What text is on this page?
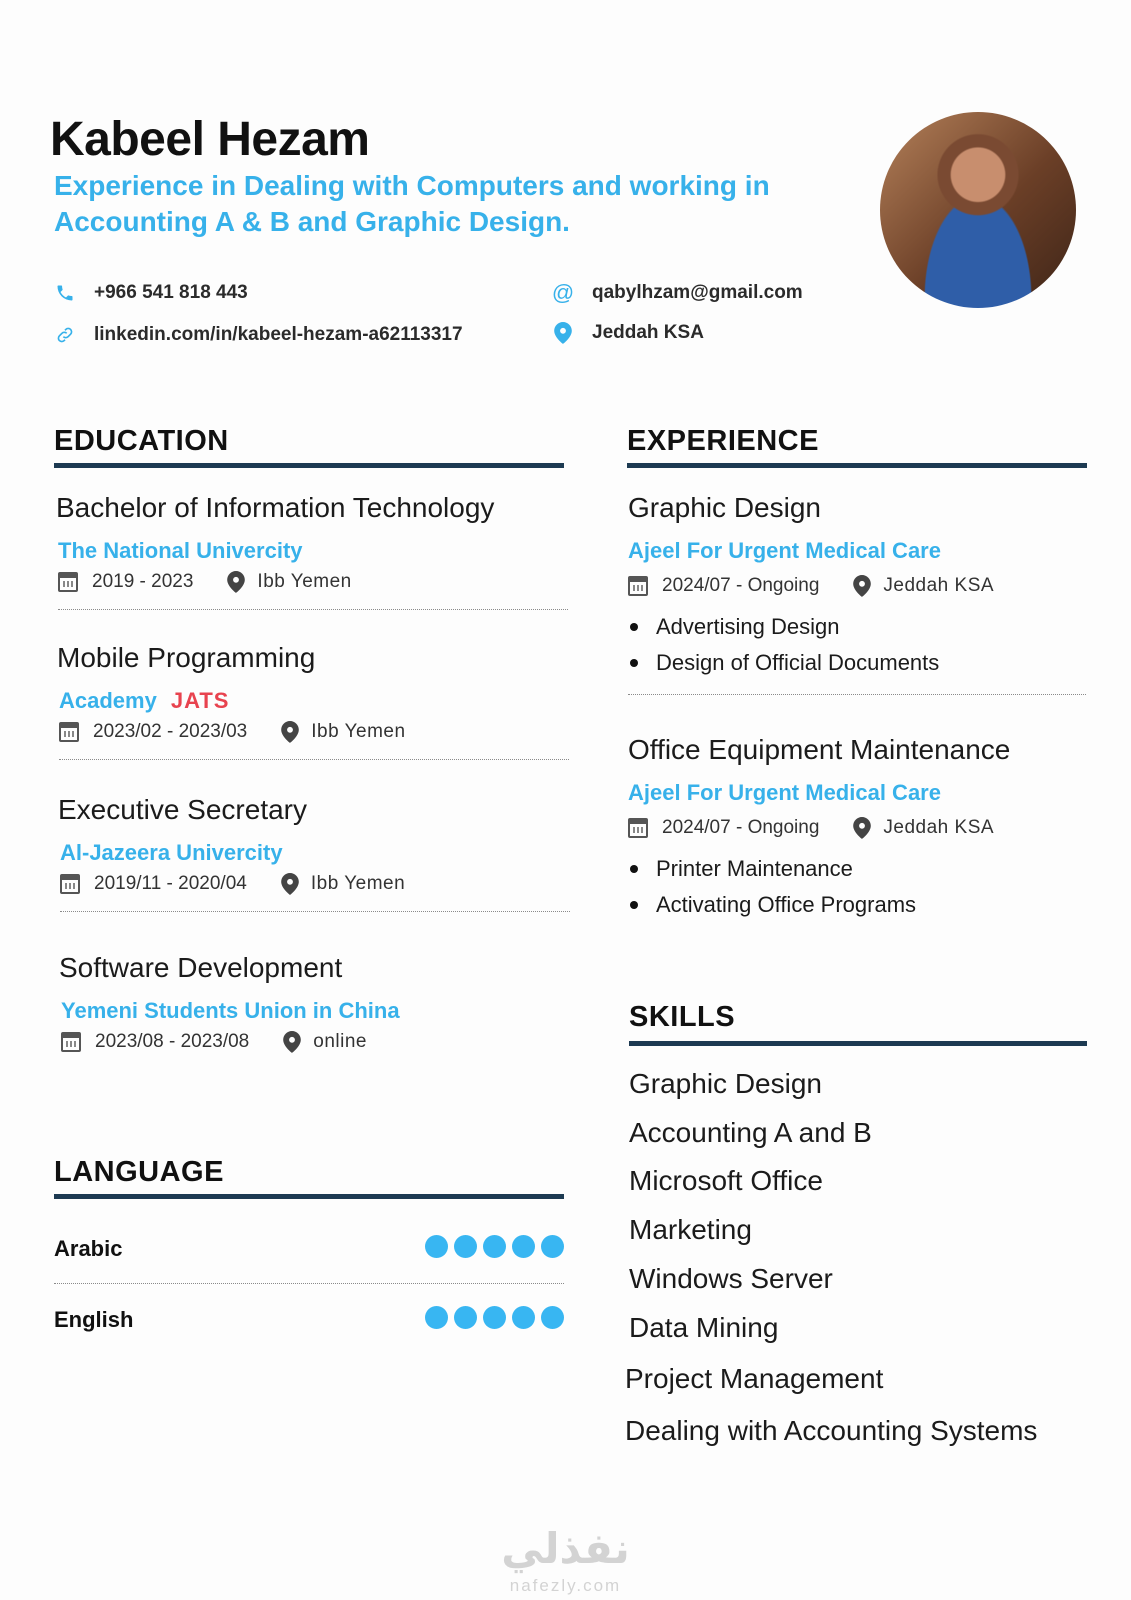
Kabeel Hezam
Experience in Dealing with Computers and working in Accounting A & B and Graphic Design.
+966 541 818 443
linkedin.com/in/kabeel-hezam-a62113317
@ qabylhzam@gmail.com
Jeddah KSA
EDUCATION
Bachelor of Information Technology
The National Univercity
2019 - 2023	Ibb Yemen
Mobile Programming
Academy JATS
2023/02 - 2023/03	Ibb Yemen
Executive Secretary
Al-Jazeera Univercity
2019/11 - 2020/04	Ibb Yemen
Software Development
Yemeni Students Union in China
2023/08 - 2023/08	online
EXPERIENCE
Graphic Design
Ajeel For Urgent Medical Care
2024/07 - Ongoing	Jeddah KSA
Advertising Design
Design of Official Documents
Office Equipment Maintenance
Ajeel For Urgent Medical Care
2024/07 - Ongoing	Jeddah KSA
Printer Maintenance
Activating Office Programs
SKILLS
Graphic Design
Accounting A and B
Microsoft Office
Marketing
Windows Server
Data Mining
Project Management
Dealing with Accounting Systems
LANGUAGE
Arabic
English
نفذلي
nafezly.com
